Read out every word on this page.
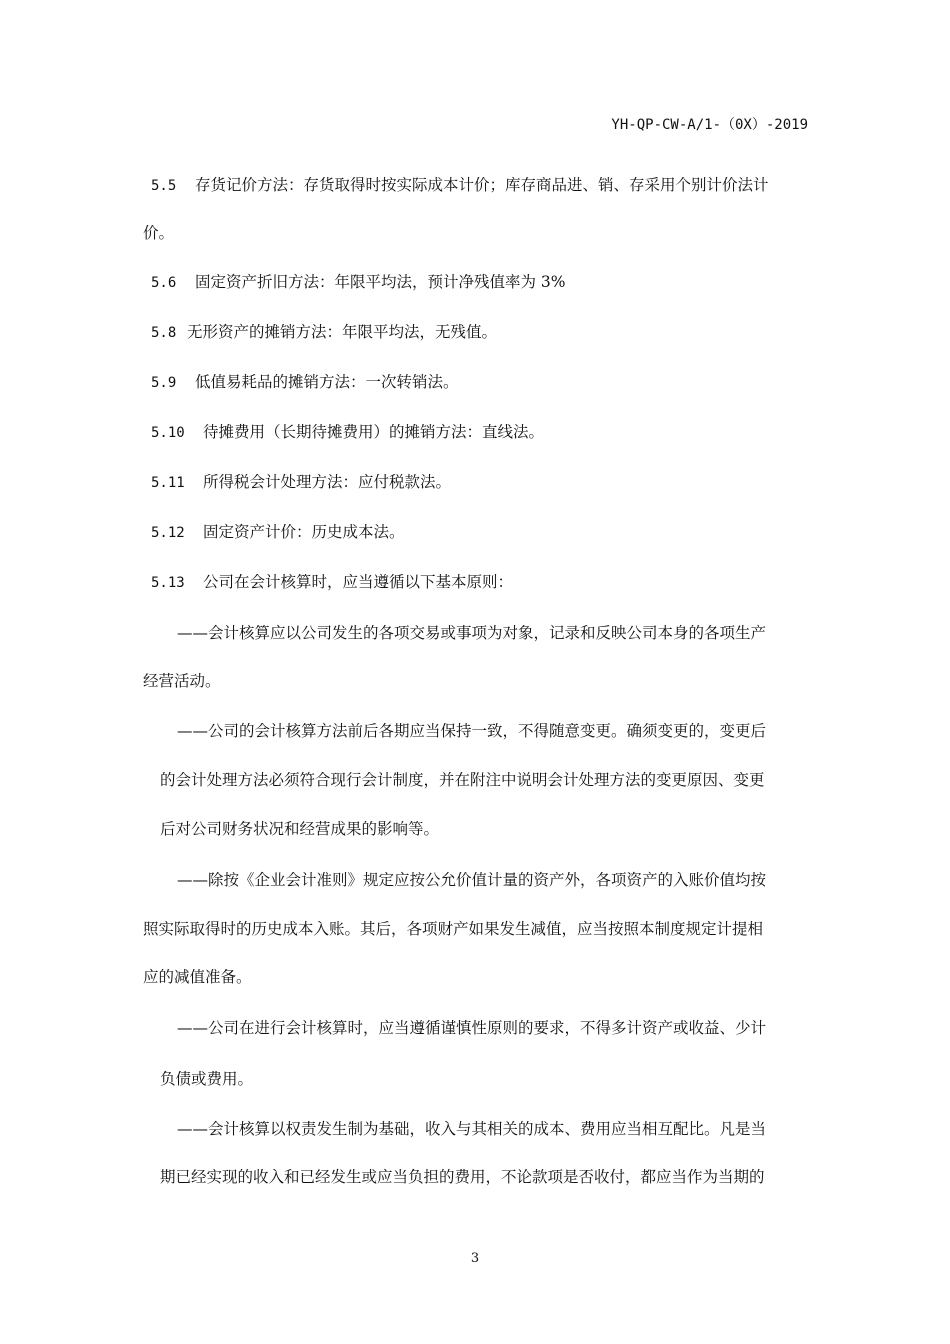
YH-QP-CW-A/1-（0X）-2019
5.5 存货记价方法：存货取得时按实际成本计价；库存商品进、销、存采用个别计价法计
价。
5.6 固定资产折旧方法：年限平均法，预计净残值率为 3%
5.8 无形资产的摊销方法：年限平均法，无残值。
5.9 低值易耗品的摊销方法：一次转销法。
5.10 待摊费用（长期待摊费用）的摊销方法：直线法。
5.11 所得税会计处理方法：应付税款法。
5.12 固定资产计价：历史成本法。
5.13 公司在会计核算时，应当遵循以下基本原则：
——会计核算应以公司发生的各项交易或事项为对象，记录和反映公司本身的各项生产
经营活动。
——公司的会计核算方法前后各期应当保持一致，不得随意变更。确须变更的，变更后
的会计处理方法必须符合现行会计制度，并在附注中说明会计处理方法的变更原因、变更
后对公司财务状况和经营成果的影响等。
——除按《企业会计准则》规定应按公允价值计量的资产外，各项资产的入账价值均按
照实际取得时的历史成本入账。其后，各项财产如果发生减值，应当按照本制度规定计提相
应的减值准备。
——公司在进行会计核算时，应当遵循谨慎性原则的要求，不得多计资产或收益、少计
负债或费用。
——会计核算以权责发生制为基础，收入与其相关的成本、费用应当相互配比。凡是当
期已经实现的收入和已经发生或应当负担的费用，不论款项是否收付，都应当作为当期的
3
